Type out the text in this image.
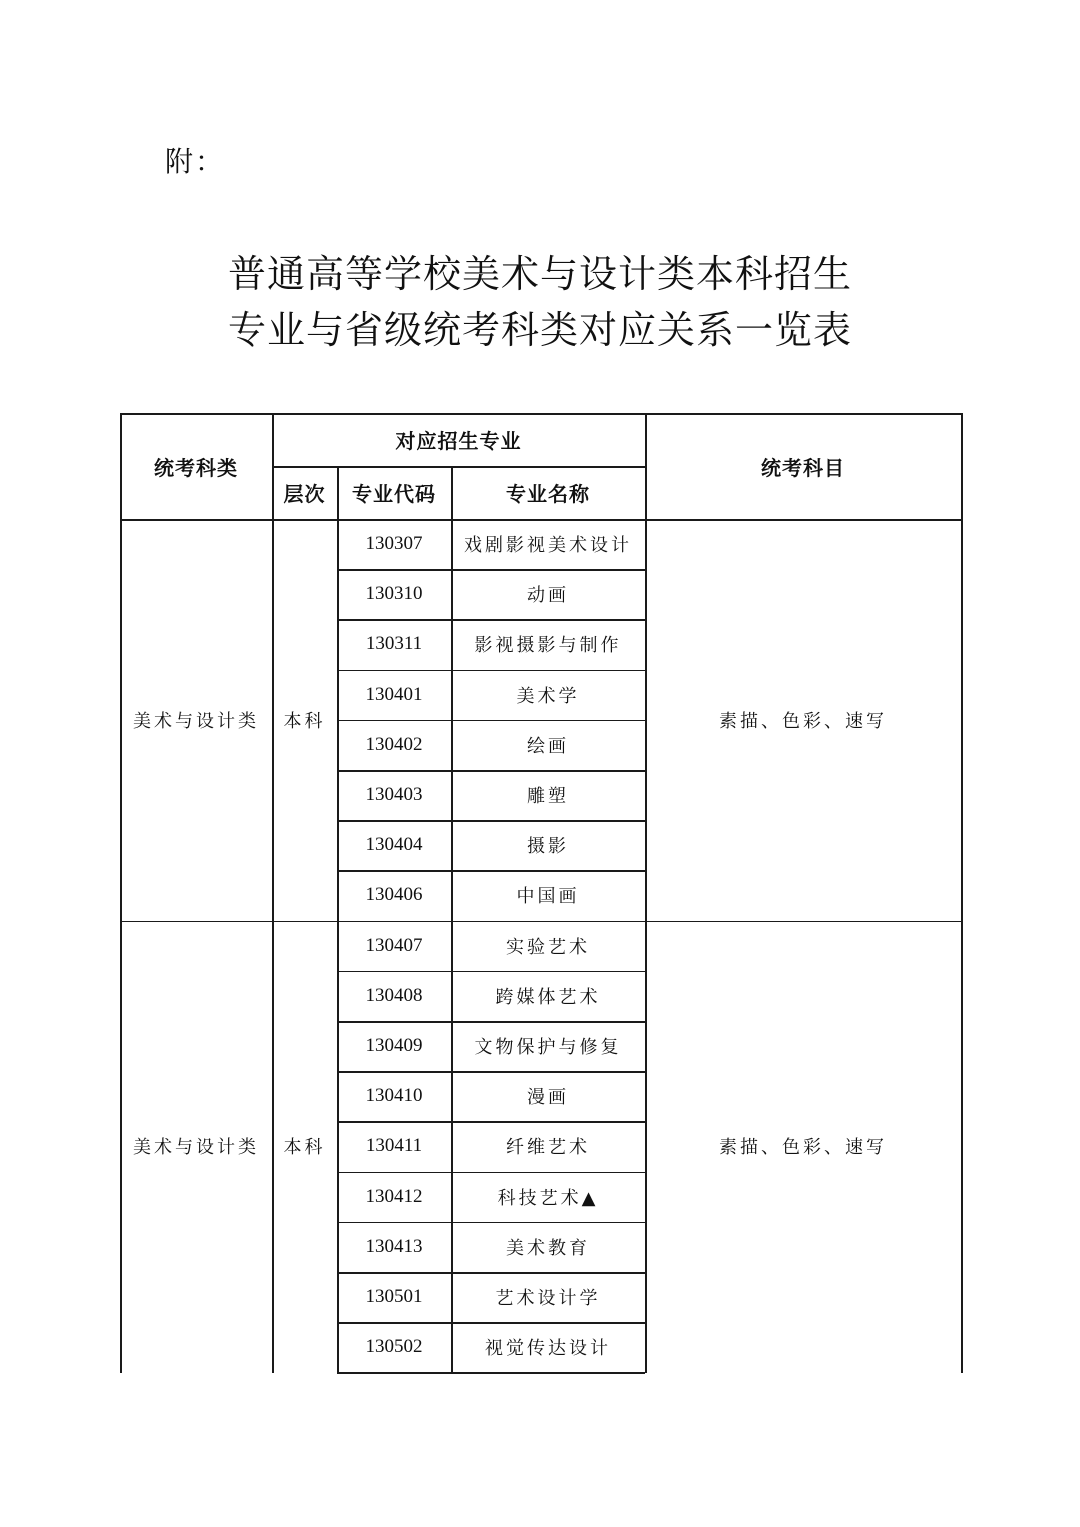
附：
普通高等学校美术与设计类本科招生
专业与省级统考科类对应关系一览表
统考科类
对应招生专业
层次	专业代码	专业名称
统考科目
美术与设计类	本科	素描、色彩、速写
130307	戏剧影视美术设计
130310	动画
130311	影视摄影与制作
130401	美术学
130402	绘画
130403	雕塑
130404	摄影
130406	中国画
美术与设计类	本科	素描、色彩、速写
130407	实验艺术
130408	跨媒体艺术
130409	文物保护与修复
130410	漫画
130411	纤维艺术
130412	科技艺术▲
130413	美术教育
130501	艺术设计学
130502	视觉传达设计
